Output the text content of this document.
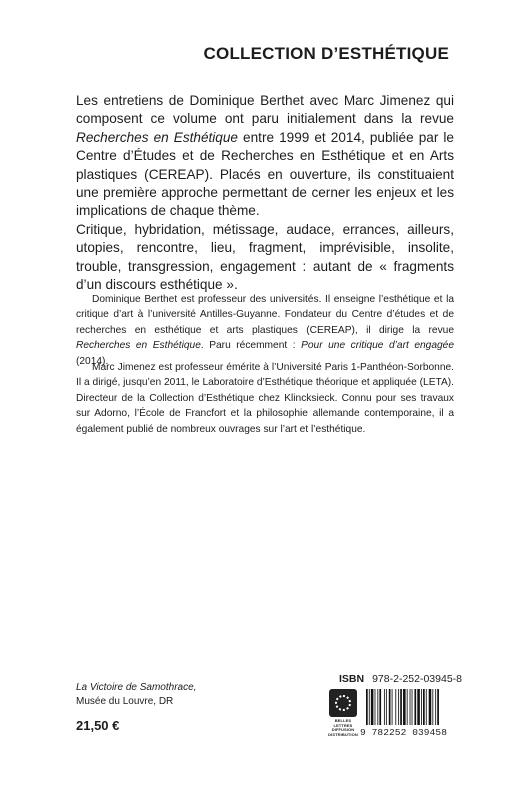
COLLECTION D’ESTHÉTIQUE

Les entretiens de Dominique Berthet avec Marc Jimenez qui composent ce volume ont paru initialement dans la revue Recherches en Esthétique entre 1999 et 2014, publiée par le Centre d’Études et de Recherches en Esthétique et en Arts plastiques (CEREAP). Placés en ouverture, ils constituaient une première approche permettant de cerner les enjeux et les implications de chaque thème.

Critique, hybridation, métissage, audace, errances, ailleurs, utopies, rencontre, lieu, fragment, imprévisible, insolite, trouble, transgression, engagement : autant de « fragments d’un discours esthétique ».

Dominique Berthet est professeur des universités. Il enseigne l’esthétique et la critique d’art à l’université Antilles-Guyanne. Fondateur du Centre d’études et de recherches en esthétique et arts plastiques (CEREAP), il dirige la revue Recherches en Esthétique. Paru récemment : Pour une critique d’art engagée (2014).

Marc Jimenez est professeur émérite à l’Université Paris 1-Panthéon-Sorbonne. Il a dirigé, jusqu’en 2011, le Laboratoire d’Esthétique théorique et appliquée (LETA). Directeur de la Collection d’Esthétique chez Klincksieck. Connu pour ses travaux sur Adorno, l’École de Francfort et la philosophie allemande contemporaine, il a également publié de nombreux ouvrages sur l’art et l’esthétique.

La Victoire de Samothrace,
Musée du Louvre, DR
21,50 €
ISBN 978-2-252-03945-8
BELLES LETTRES
DIFFUSION
DISTRIBUTION 9 782252 039458
